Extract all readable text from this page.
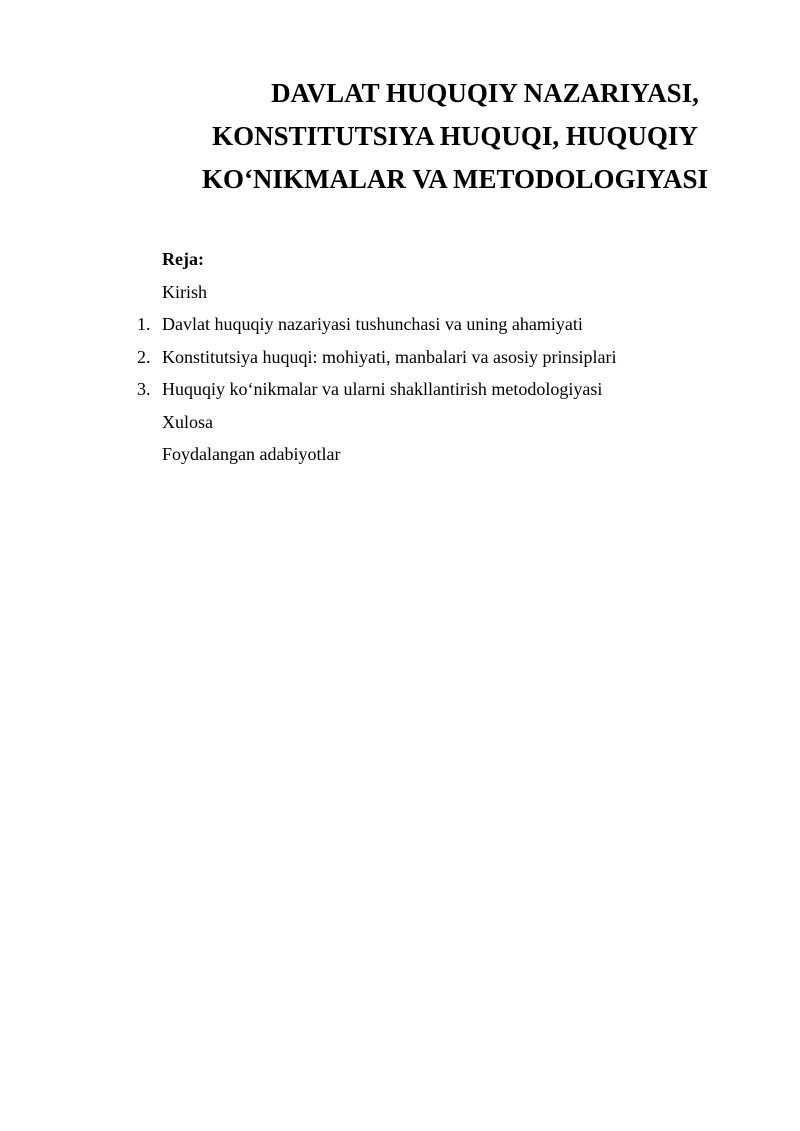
DAVLAT HUQUQIY NAZARIYASI,
KONSTITUTSIYA HUQUQI, HUQUQIY
KO‘NIKMALAR VA METODOLOGIYASI
Reja:
Kirish
1. Davlat huquqiy nazariyasi tushunchasi va uning ahamiyati
2. Konstitutsiya huquqi: mohiyati, manbalari va asosiy prinsiplari
3. Huquqiy ko‘nikmalar va ularni shakllantirish metodologiyasi
Xulosa
Foydalangan adabiyotlar
